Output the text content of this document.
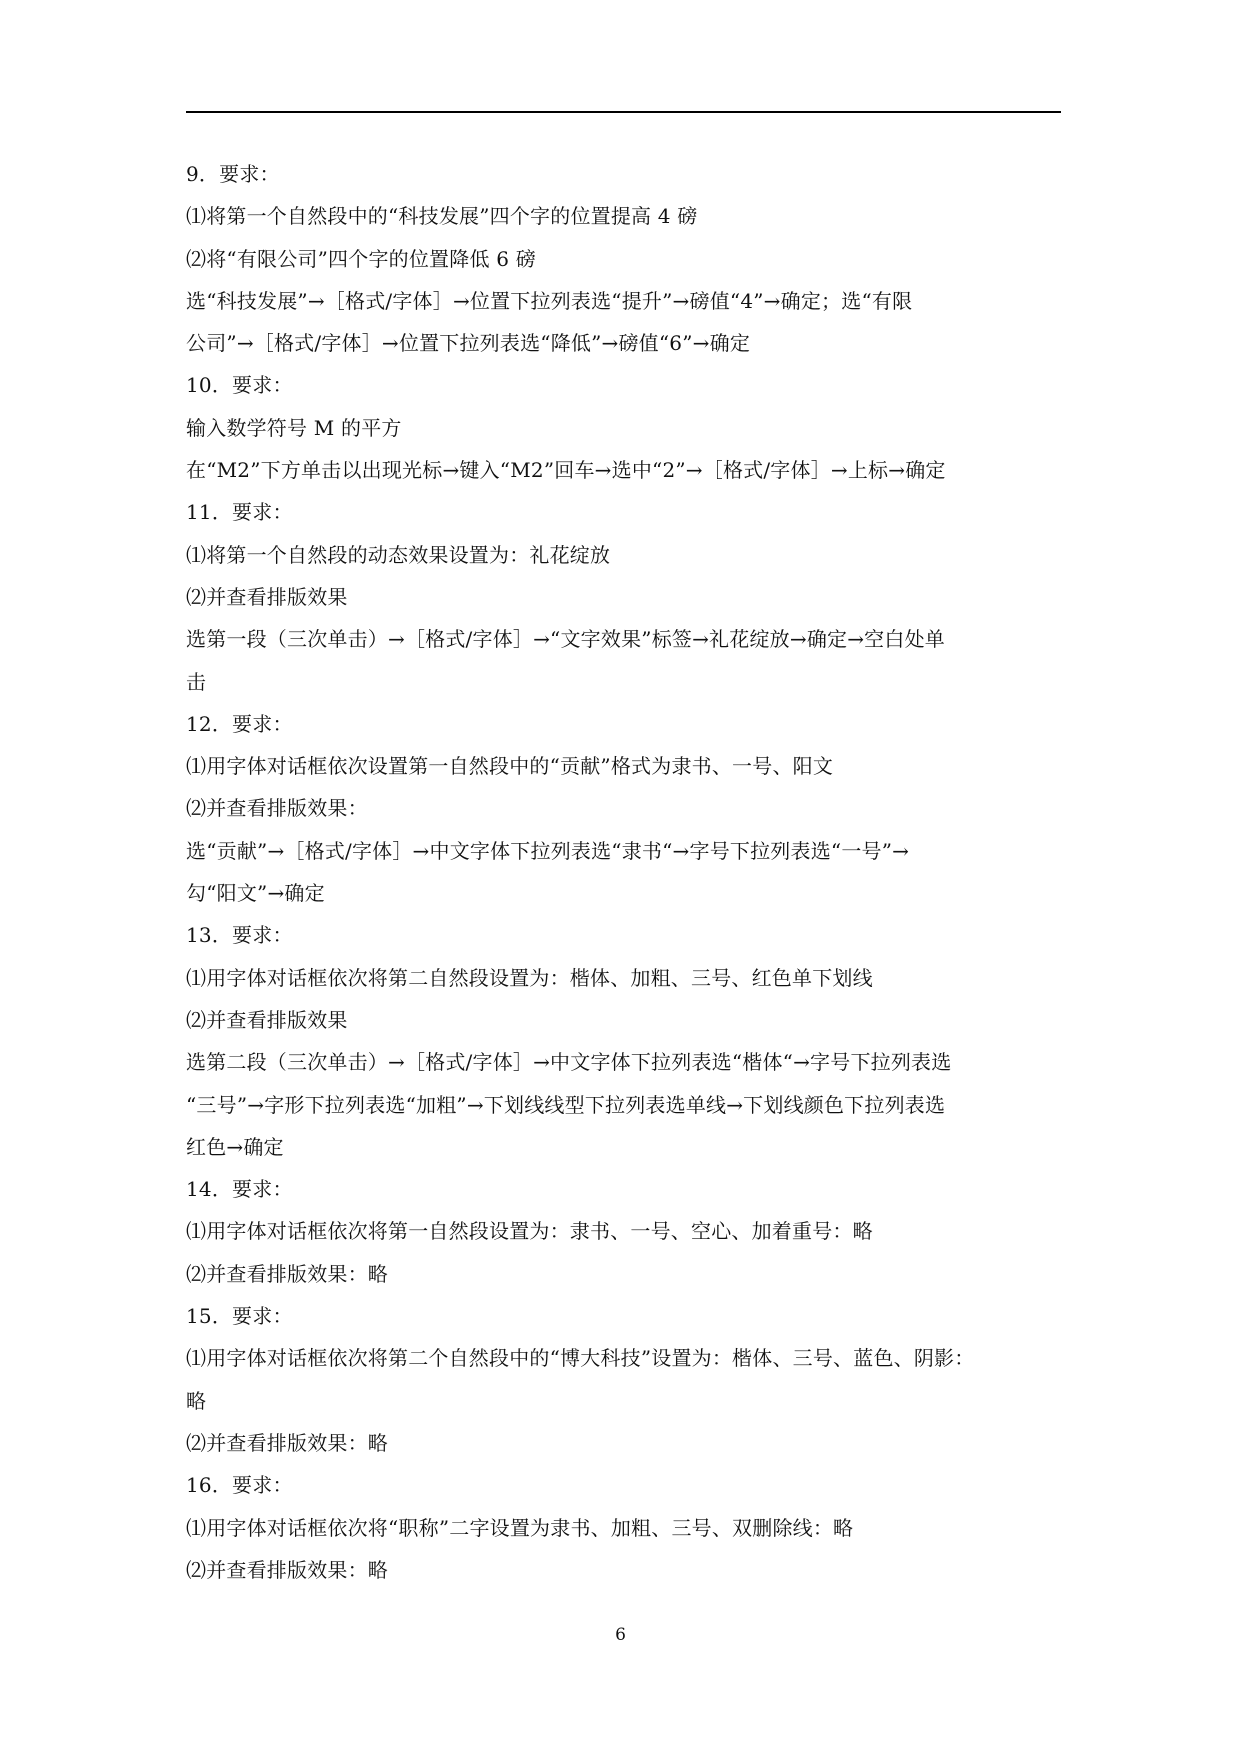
9．要求：
⑴将第一个自然段中的“科技发展”四个字的位置提高 4 磅
⑵将“有限公司”四个字的位置降低 6 磅
选“科技发展”→［格式/字体］→位置下拉列表选“提升”→磅值“4”→确定；选“有限
公司”→［格式/字体］→位置下拉列表选“降低”→磅值“6”→确定
10．要求：
输入数学符号 M 的平方
在“M2”下方单击以出现光标→键入“M2”回车→选中“2”→［格式/字体］→上标→确定
11．要求：
⑴将第一个自然段的动态效果设置为：礼花绽放
⑵并查看排版效果
选第一段（三次单击）→［格式/字体］→“文字效果”标签→礼花绽放→确定→空白处单
击
12．要求：
⑴用字体对话框依次设置第一自然段中的“贡献”格式为隶书、一号、阳文
⑵并查看排版效果：
选“贡献”→［格式/字体］→中文字体下拉列表选“隶书“→字号下拉列表选“一号”→
勾“阳文”→确定
13．要求：
⑴用字体对话框依次将第二自然段设置为：楷体、加粗、三号、红色单下划线
⑵并查看排版效果
选第二段（三次单击）→［格式/字体］→中文字体下拉列表选“楷体“→字号下拉列表选
“三号”→字形下拉列表选“加粗”→下划线线型下拉列表选单线→下划线颜色下拉列表选
红色→确定
14．要求：
⑴用字体对话框依次将第一自然段设置为：隶书、一号、空心、加着重号：略
⑵并查看排版效果：略
15．要求：
⑴用字体对话框依次将第二个自然段中的“博大科技”设置为：楷体、三号、蓝色、阴影：
略
⑵并查看排版效果：略
16．要求：
⑴用字体对话框依次将“职称”二字设置为隶书、加粗、三号、双删除线：略
⑵并查看排版效果：略
6
